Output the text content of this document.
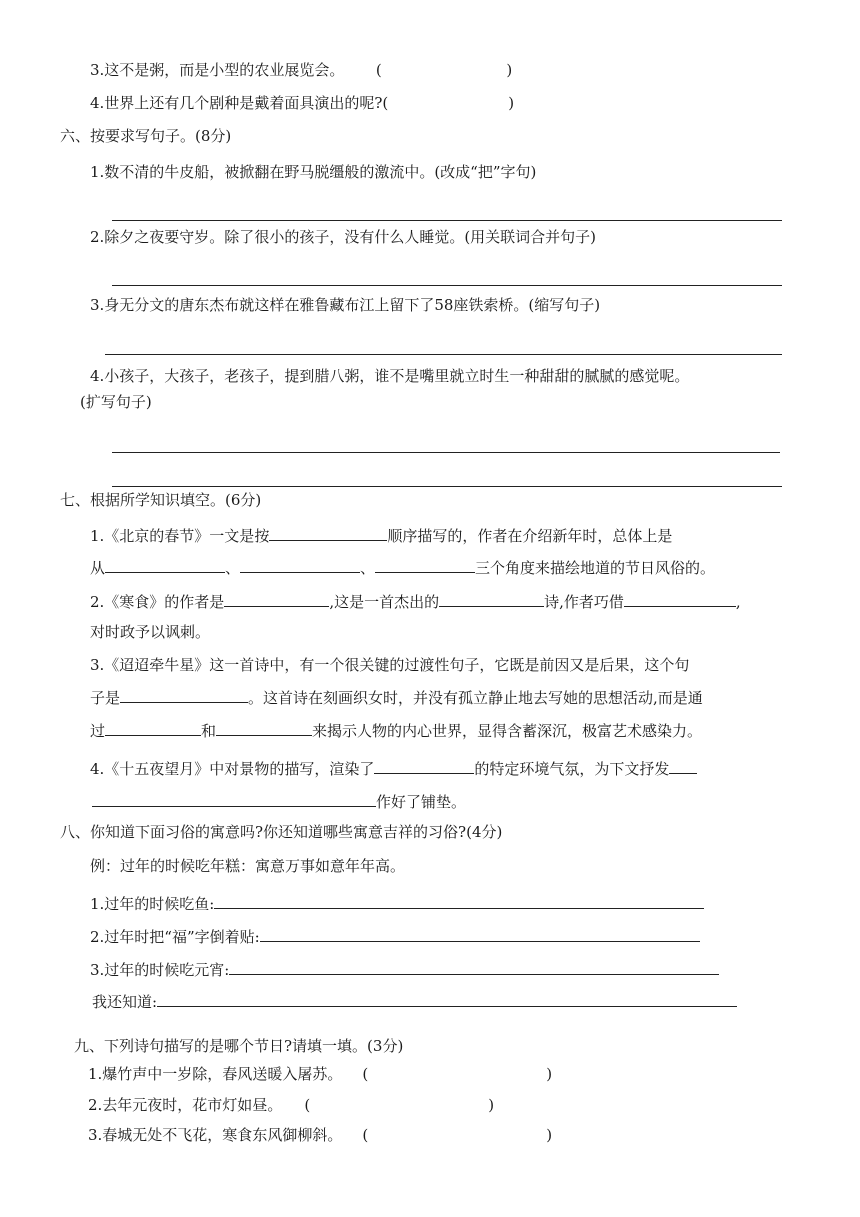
3.这不是粥，而是小型的农业展览会。 (	)
4.世界上还有几个剧种是戴着面具演出的呢?(	)
六、按要求写句子。(8分)
1.数不清的牛皮船，被掀翻在野马脱缰般的激流中。(改成“把”字句)
2.除夕之夜要守岁。除了很小的孩子，没有什么人睡觉。(用关联词合并句子)
3.身无分文的唐东杰布就这样在雅鲁藏布江上留下了58座铁索桥。(缩写句子)
4.小孩子，大孩子，老孩子，提到腊八粥，谁不是嘴里就立时生一种甜甜的腻腻的感觉呢。
(扩写句子)
七、根据所学知识填空。(6分)
1.《北京的春节》一文是按	顺序描写的，作者在介绍新年时，总体上是
从	、	、	三个角度来描绘地道的节日风俗的。
2.《寒食》的作者是	,这是一首杰出的	诗,作者巧借	,
对时政予以讽刺。
3.《迢迢牵牛星》这一首诗中，有一个很关键的过渡性句子，它既是前因又是后果，这个句
子是	。这首诗在刻画织女时，并没有孤立静止地去写她的思想活动,而是通
过	和	来揭示人物的内心世界，显得含蓄深沉，极富艺术感染力。
4.《十五夜望月》中对景物的描写，渲染了	的特定环境气氛，为下文抒发
作好了铺垫。
八、你知道下面习俗的寓意吗?你还知道哪些寓意吉祥的习俗?(4分)
例：过年的时候吃年糕：寓意万事如意年年高。
1.过年的时候吃鱼:
2.过年时把“福”字倒着贴:
3.过年的时候吃元宵:
我还知道:
九、下列诗句描写的是哪个节日?请填一填。(3分)
1.爆竹声中一岁除，春风送暖入屠苏。 (	)
2.去年元夜时，花市灯如昼。 (	)
3.春城无处不飞花，寒食东风御柳斜。 (	)
